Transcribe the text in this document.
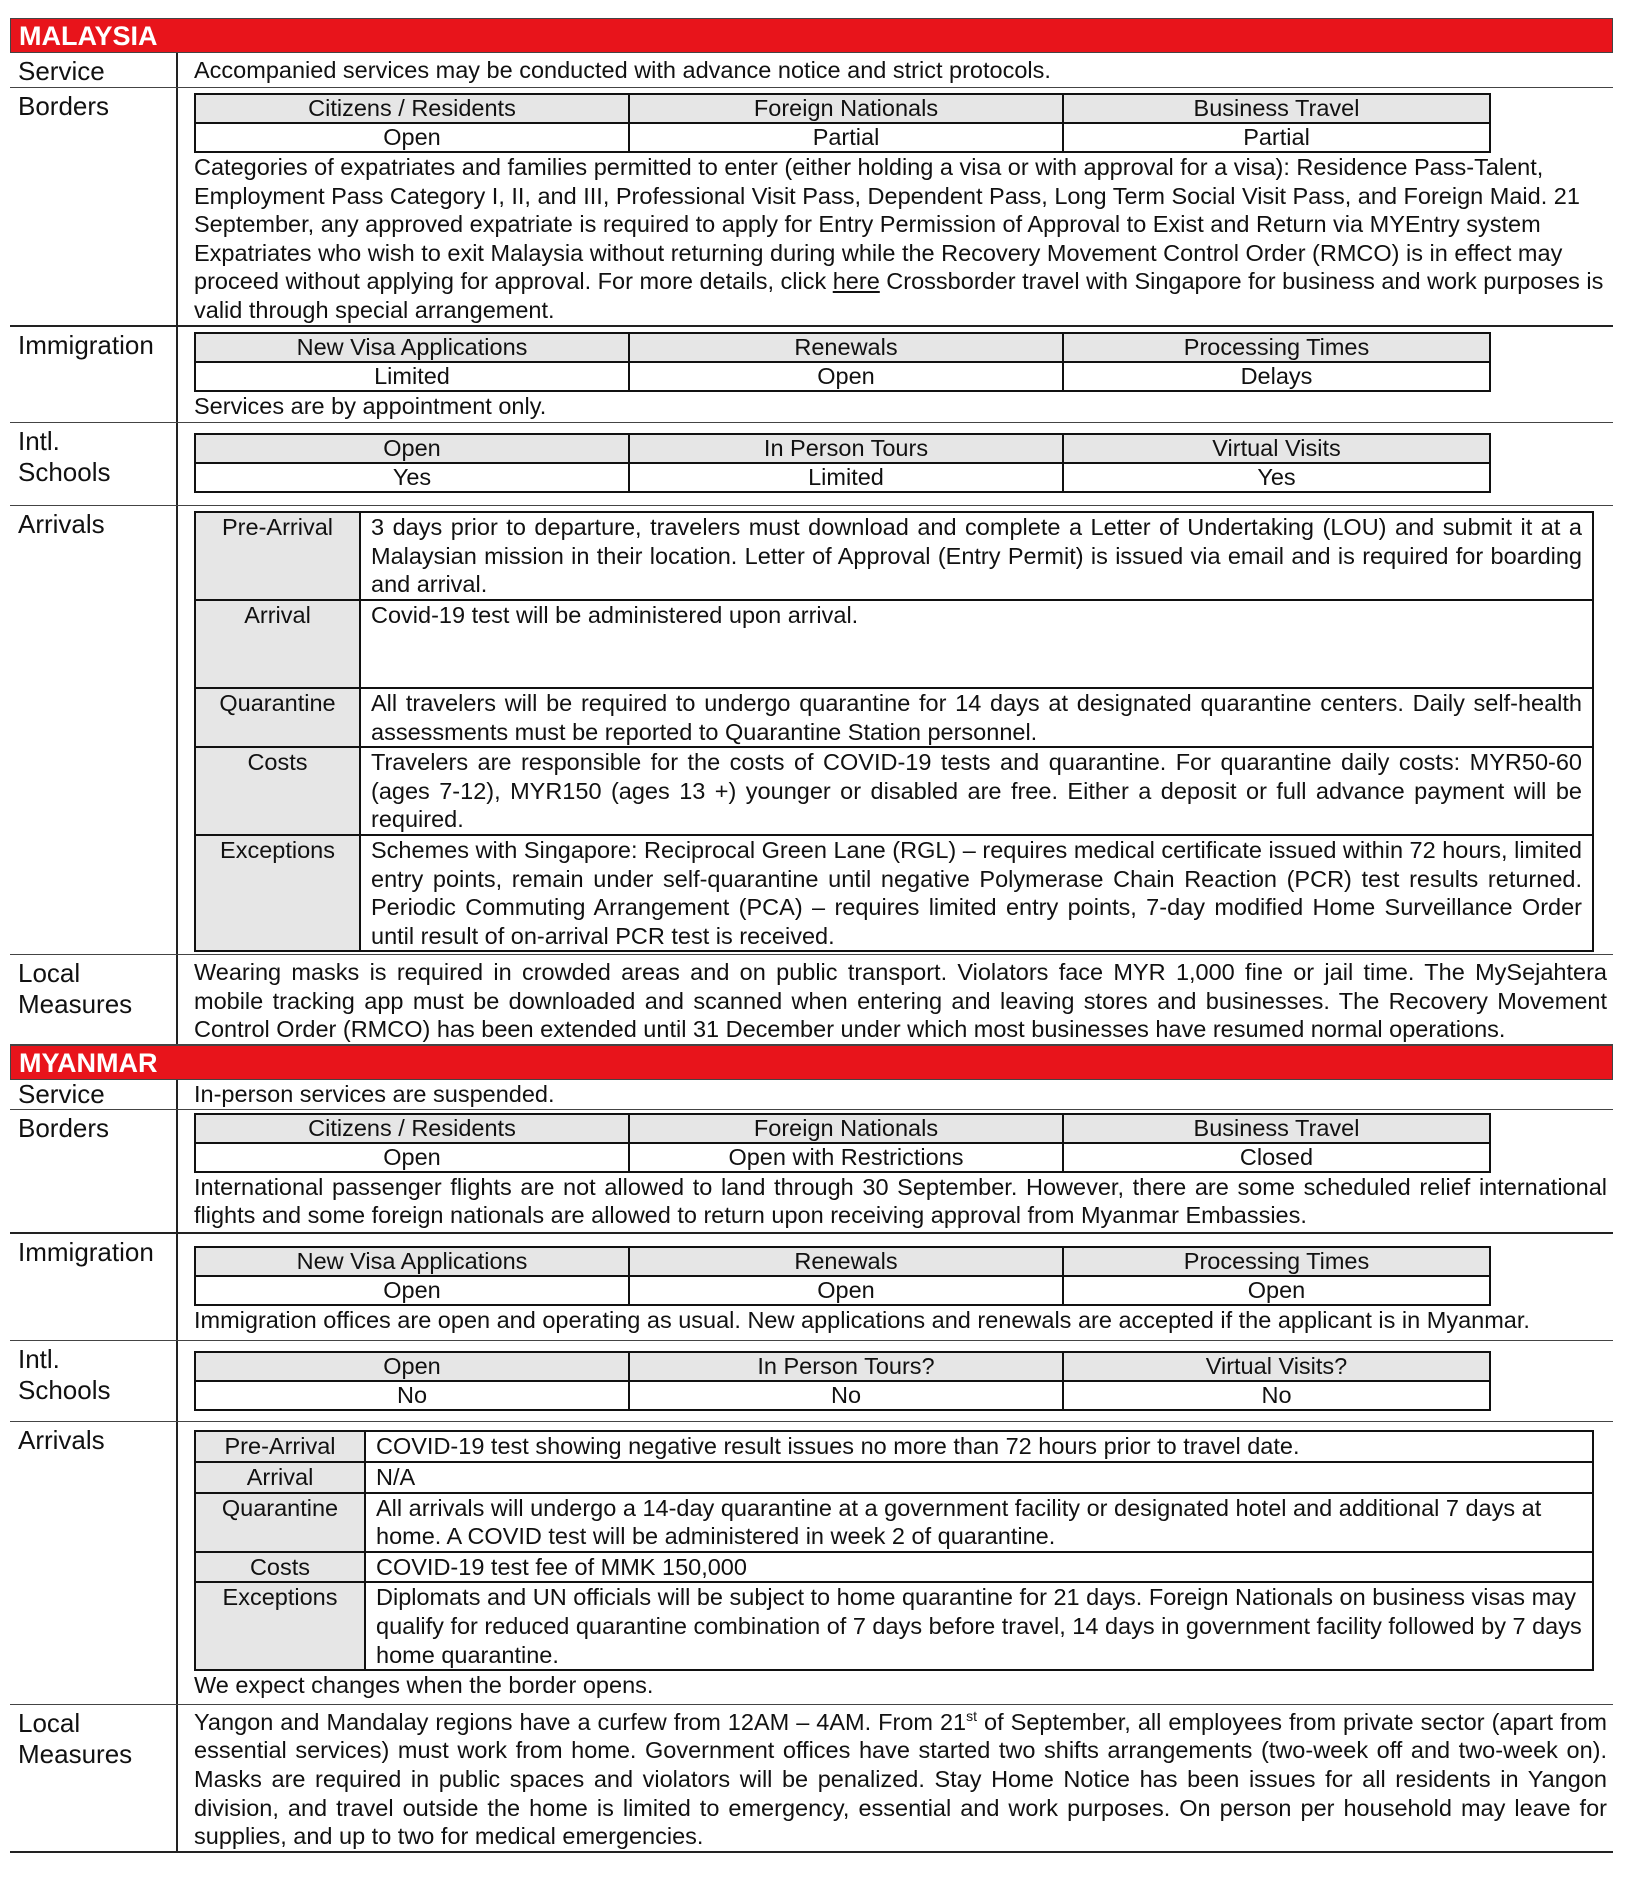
MALAYSIA
Service	Accompanied services may be conducted with advance notice and strict protocols.
Borders	Citizens / Residents	Foreign Nationals	Business Travel
Open	Partial	Partial
Categories of expatriates and families permitted to enter (either holding a visa or with approval for a visa): Residence Pass-Talent, Employment Pass Category I, II, and III, Professional Visit Pass, Dependent Pass, Long Term Social Visit Pass, and Foreign Maid. 21 September, any approved expatriate is required to apply for Entry Permission of Approval to Exist and Return via MYEntry system Expatriates who wish to exit Malaysia without returning during while the Recovery Movement Control Order (RMCO) is in effect may proceed without applying for approval. For more details, click here Crossborder travel with Singapore for business and work purposes is valid through special arrangement.
Immigration	New Visa Applications	Renewals	Processing Times
Limited	Open	Delays
Services are by appointment only.
Intl.
Schools
Open	In Person Tours	Virtual Visits
Yes	Limited	Yes
Arrivals	Pre-Arrival	3 days prior to departure, travelers must download and complete a Letter of Undertaking (LOU) and submit it at a Malaysian mission in their location. Letter of Approval (Entry Permit) is issued via email and is required for boarding and arrival.
Arrival	Covid-19 test will be administered upon arrival.
Quarantine	All travelers will be required to undergo quarantine for 14 days at designated quarantine centers. Daily self-health assessments must be reported to Quarantine Station personnel.
Costs	Travelers are responsible for the costs of COVID-19 tests and quarantine. For quarantine daily costs: MYR50-60 (ages 7-12), MYR150 (ages 13 +) younger or disabled are free. Either a deposit or full advance payment will be required.
Exceptions	Schemes with Singapore: Reciprocal Green Lane (RGL) – requires medical certificate issued within 72 hours, limited entry points, remain under self-quarantine until negative Polymerase Chain Reaction (PCR) test results returned. Periodic Commuting Arrangement (PCA) – requires limited entry points, 7-day modified Home Surveillance Order until result of on-arrival PCR test is received.
Local
Measures
Wearing masks is required in crowded areas and on public transport. Violators face MYR 1,000 fine or jail time. The MySejahtera mobile tracking app must be downloaded and scanned when entering and leaving stores and businesses. The Recovery Movement Control Order (RMCO) has been extended until 31 December under which most businesses have resumed normal operations.
MYANMAR
Service	In-person services are suspended.
Borders	Citizens / Residents	Foreign Nationals	Business Travel
Open	Open with Restrictions	Closed
International passenger flights are not allowed to land through 30 September. However, there are some scheduled relief international flights and some foreign nationals are allowed to return upon receiving approval from Myanmar Embassies.
Immigration	New Visa Applications	Renewals	Processing Times
Open	Open	Open
Immigration offices are open and operating as usual. New applications and renewals are accepted if the applicant is in Myanmar.
Intl.
Schools
Open	In Person Tours?	Virtual Visits?
No	No	No
Arrivals	Pre-Arrival	COVID-19 test showing negative result issues no more than 72 hours prior to travel date.
Arrival	N/A
Quarantine	All arrivals will undergo a 14-day quarantine at a government facility or designated hotel and additional 7 days at home. A COVID test will be administered in week 2 of quarantine.
Costs	COVID-19 test fee of MMK 150,000
Exceptions	Diplomats and UN officials will be subject to home quarantine for 21 days. Foreign Nationals on business visas may qualify for reduced quarantine combination of 7 days before travel, 14 days in government facility followed by 7 days home quarantine.
We expect changes when the border opens.
Local
Measures
Yangon and Mandalay regions have a curfew from 12AM – 4AM. From 21st of September, all employees from private sector (apart from essential services) must work from home. Government offices have started two shifts arrangements (two-week off and two-week on). Masks are required in public spaces and violators will be penalized. Stay Home Notice has been issues for all residents in Yangon division, and travel outside the home is limited to emergency, essential and work purposes. On person per household may leave for supplies, and up to two for medical emergencies.
